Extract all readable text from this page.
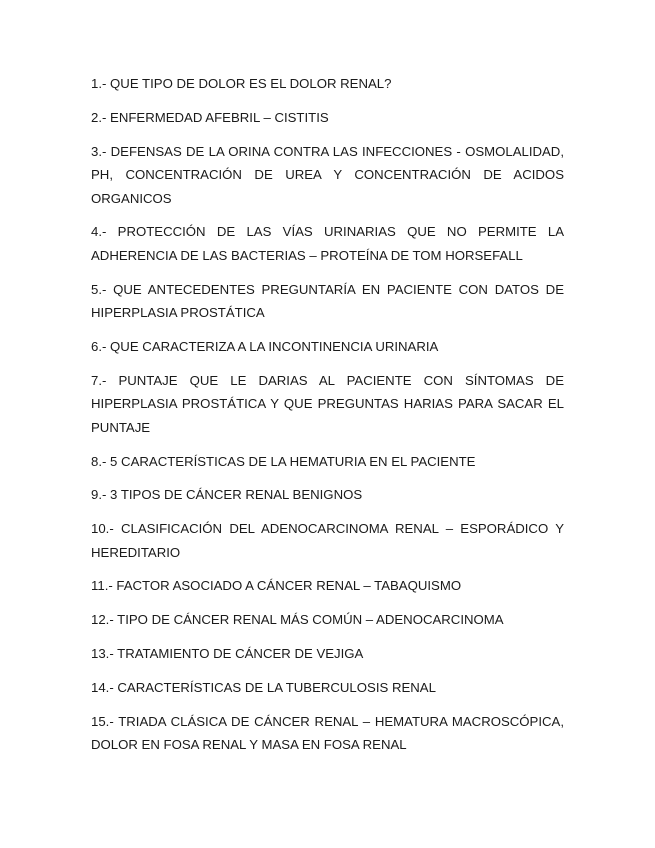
1.- QUE TIPO DE DOLOR ES EL DOLOR RENAL?

2.- ENFERMEDAD AFEBRIL – CISTITIS

3.- DEFENSAS DE LA ORINA CONTRA LAS INFECCIONES - OSMOLALIDAD, PH, CONCENTRACIÓN DE UREA Y CONCENTRACIÓN DE ACIDOS ORGANICOS

4.- PROTECCIÓN DE LAS VÍAS URINARIAS QUE NO PERMITE LA ADHERENCIA DE LAS BACTERIAS – PROTEÍNA DE TOM HORSEFALL

5.- QUE ANTECEDENTES PREGUNTARÍA EN PACIENTE CON DATOS DE HIPERPLASIA PROSTÁTICA

6.- QUE CARACTERIZA A LA INCONTINENCIA URINARIA

7.- PUNTAJE QUE LE DARIAS AL PACIENTE CON SÍNTOMAS DE HIPERPLASIA PROSTÁTICA Y QUE PREGUNTAS HARIAS PARA SACAR EL PUNTAJE

8.- 5 CARACTERÍSTICAS DE LA HEMATURIA EN EL PACIENTE

9.- 3 TIPOS DE CÁNCER RENAL BENIGNOS

10.- CLASIFICACIÓN DEL ADENOCARCINOMA RENAL – ESPORÁDICO Y HEREDITARIO

11.- FACTOR ASOCIADO A CÁNCER RENAL – TABAQUISMO

12.- TIPO DE CÁNCER RENAL MÁS COMÚN – ADENOCARCINOMA

13.- TRATAMIENTO DE CÁNCER DE VEJIGA

14.- CARACTERÍSTICAS DE LA TUBERCULOSIS RENAL

15.- TRIADA CLÁSICA DE CÁNCER RENAL – HEMATURA MACROSCÓPICA, DOLOR EN FOSA RENAL Y MASA EN FOSA RENAL
